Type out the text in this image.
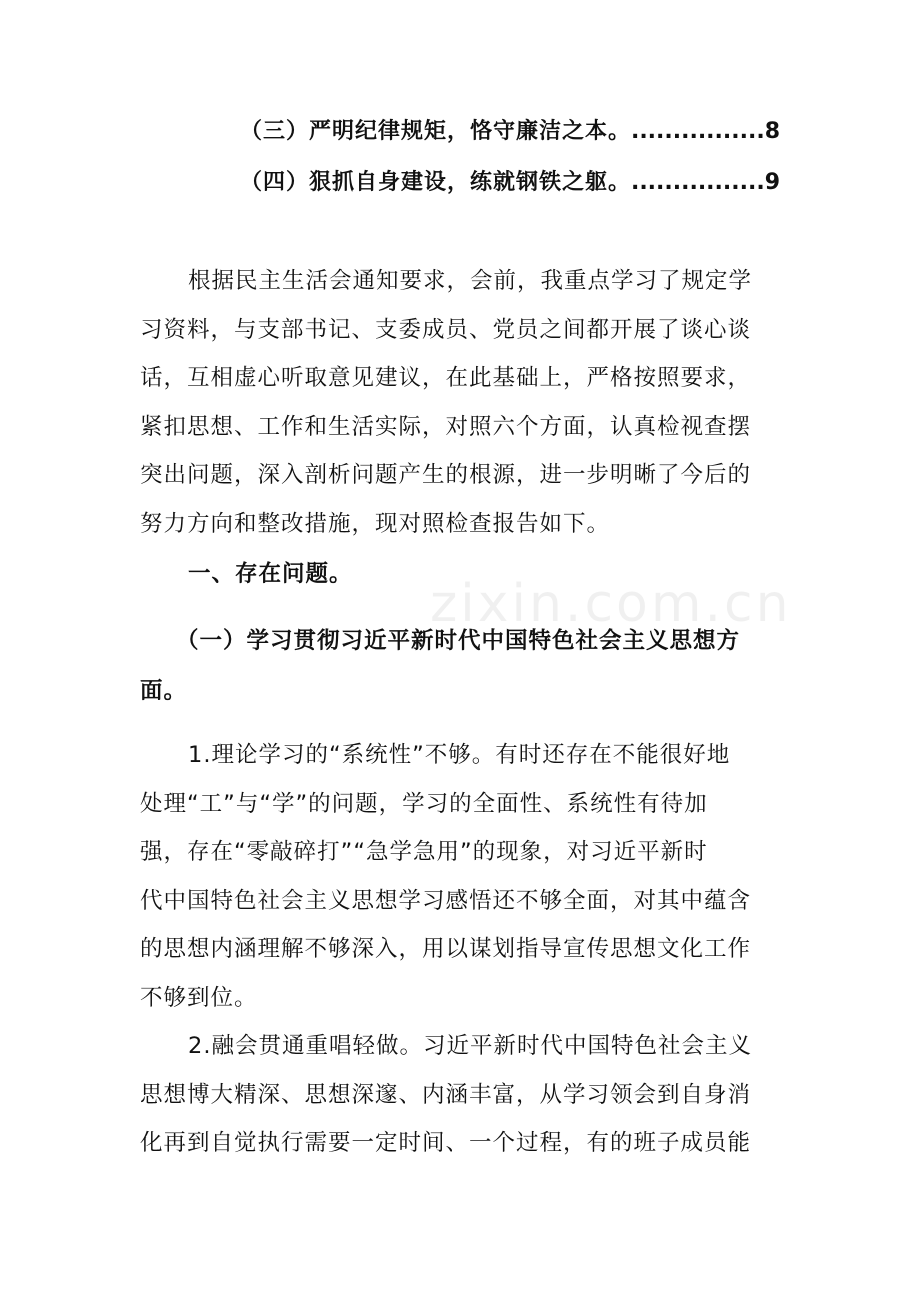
（三）严明纪律规矩，恪守廉洁之本。................8
（四）狠抓自身建设，练就钢铁之躯。................9
zixin.com.cn

根据民主生活会通知要求，会前，我重点学习了规定学
习资料，与支部书记、支委成员、党员之间都开展了谈心谈
话，互相虚心听取意见建议，在此基础上，严格按照要求，
紧扣思想、工作和生活实际，对照六个方面，认真检视查摆
突出问题，深入剖析问题产生的根源，进一步明晰了今后的
努力方向和整改措施，现对照检查报告如下。

一、存在问题。
（一）学习贯彻习近平新时代中国特色社会主义思想方
面。

1.理论学习的“系统性”不够。有时还存在不能很好地
处理“工”与“学”的问题，学习的全面性、系统性有待加
强，存在“零敲碎打”“急学急用”的现象，对习近平新时
代中国特色社会主义思想学习感悟还不够全面，对其中蕴含
的思想内涵理解不够深入，用以谋划指导宣传思想文化工作
不够到位。

2.融会贯通重唱轻做。习近平新时代中国特色社会主义
思想博大精深、思想深邃、内涵丰富，从学习领会到自身消
化再到自觉执行需要一定时间、一个过程，有的班子成员能
